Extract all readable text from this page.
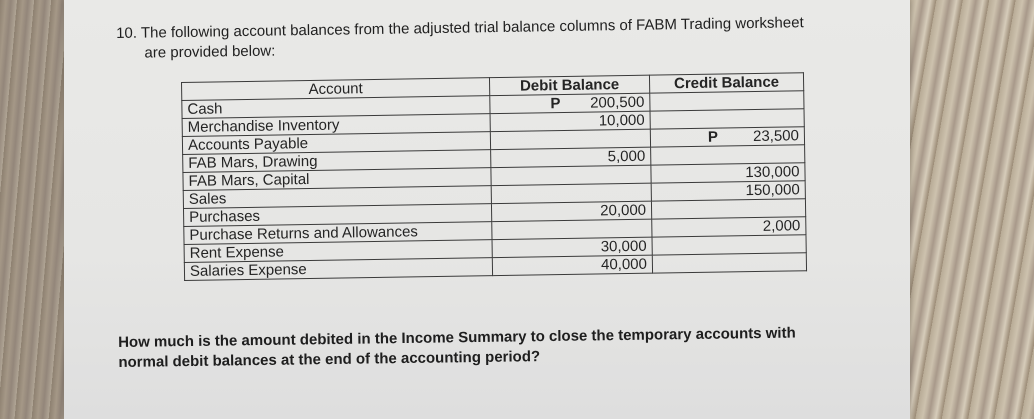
10. The following account balances from the adjusted trial balance columns of FABM Trading worksheet
are provided below:
Account	Debit Balance	Credit Balance
Cash	P 200,500	
Merchandise Inventory	10,000	
Accounts Payable		P 23,500
FAB Mars, Drawing	5,000	
FAB Mars, Capital		130,000
Sales		150,000
Purchases	20,000	
Purchase Returns and Allowances		2,000
Rent Expense	30,000	
Salaries Expense	40,000	
How much is the amount debited in the Income Summary to close the temporary accounts with
normal debit balances at the end of the accounting period?
